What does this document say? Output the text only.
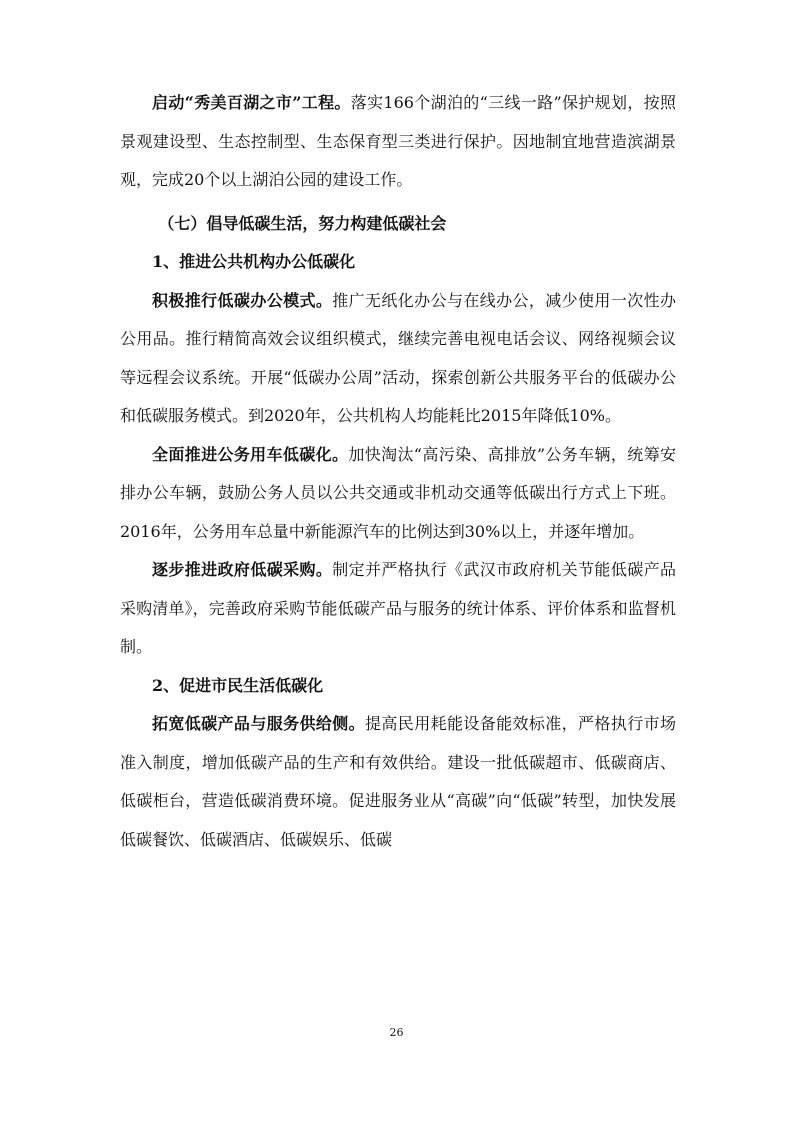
启动“秀美百湖之市”工程。落实166个湖泊的“三线一路”保护规划，按照景观建设型、生态控制型、生态保育型三类进行保护。因地制宜地营造滨湖景观，完成20个以上湖泊公园的建设工作。

（七）倡导低碳生活，努力构建低碳社会

1、推进公共机构办公低碳化

积极推行低碳办公模式。推广无纸化办公与在线办公，减少使用一次性办公用品。推行精简高效会议组织模式，继续完善电视电话会议、网络视频会议等远程会议系统。开展“低碳办公周”活动，探索创新公共服务平台的低碳办公和低碳服务模式。到2020年，公共机构人均能耗比2015年降低10%。

全面推进公务用车低碳化。加快淘汰“高污染、高排放”公务车辆，统筹安排办公车辆，鼓励公务人员以公共交通或非机动交通等低碳出行方式上下班。2016年，公务用车总量中新能源汽车的比例达到30%以上，并逐年增加。

逐步推进政府低碳采购。制定并严格执行《武汉市政府机关节能低碳产品采购清单》，完善政府采购节能低碳产品与服务的统计体系、评价体系和监督机制。

2、促进市民生活低碳化

拓宽低碳产品与服务供给侧。提高民用耗能设备能效标准，严格执行市场准入制度，增加低碳产品的生产和有效供给。建设一批低碳超市、低碳商店、低碳柜台，营造低碳消费环境。促进服务业从“高碳”向“低碳”转型，加快发展低碳餐饮、低碳酒店、低碳娱乐、低碳

26
